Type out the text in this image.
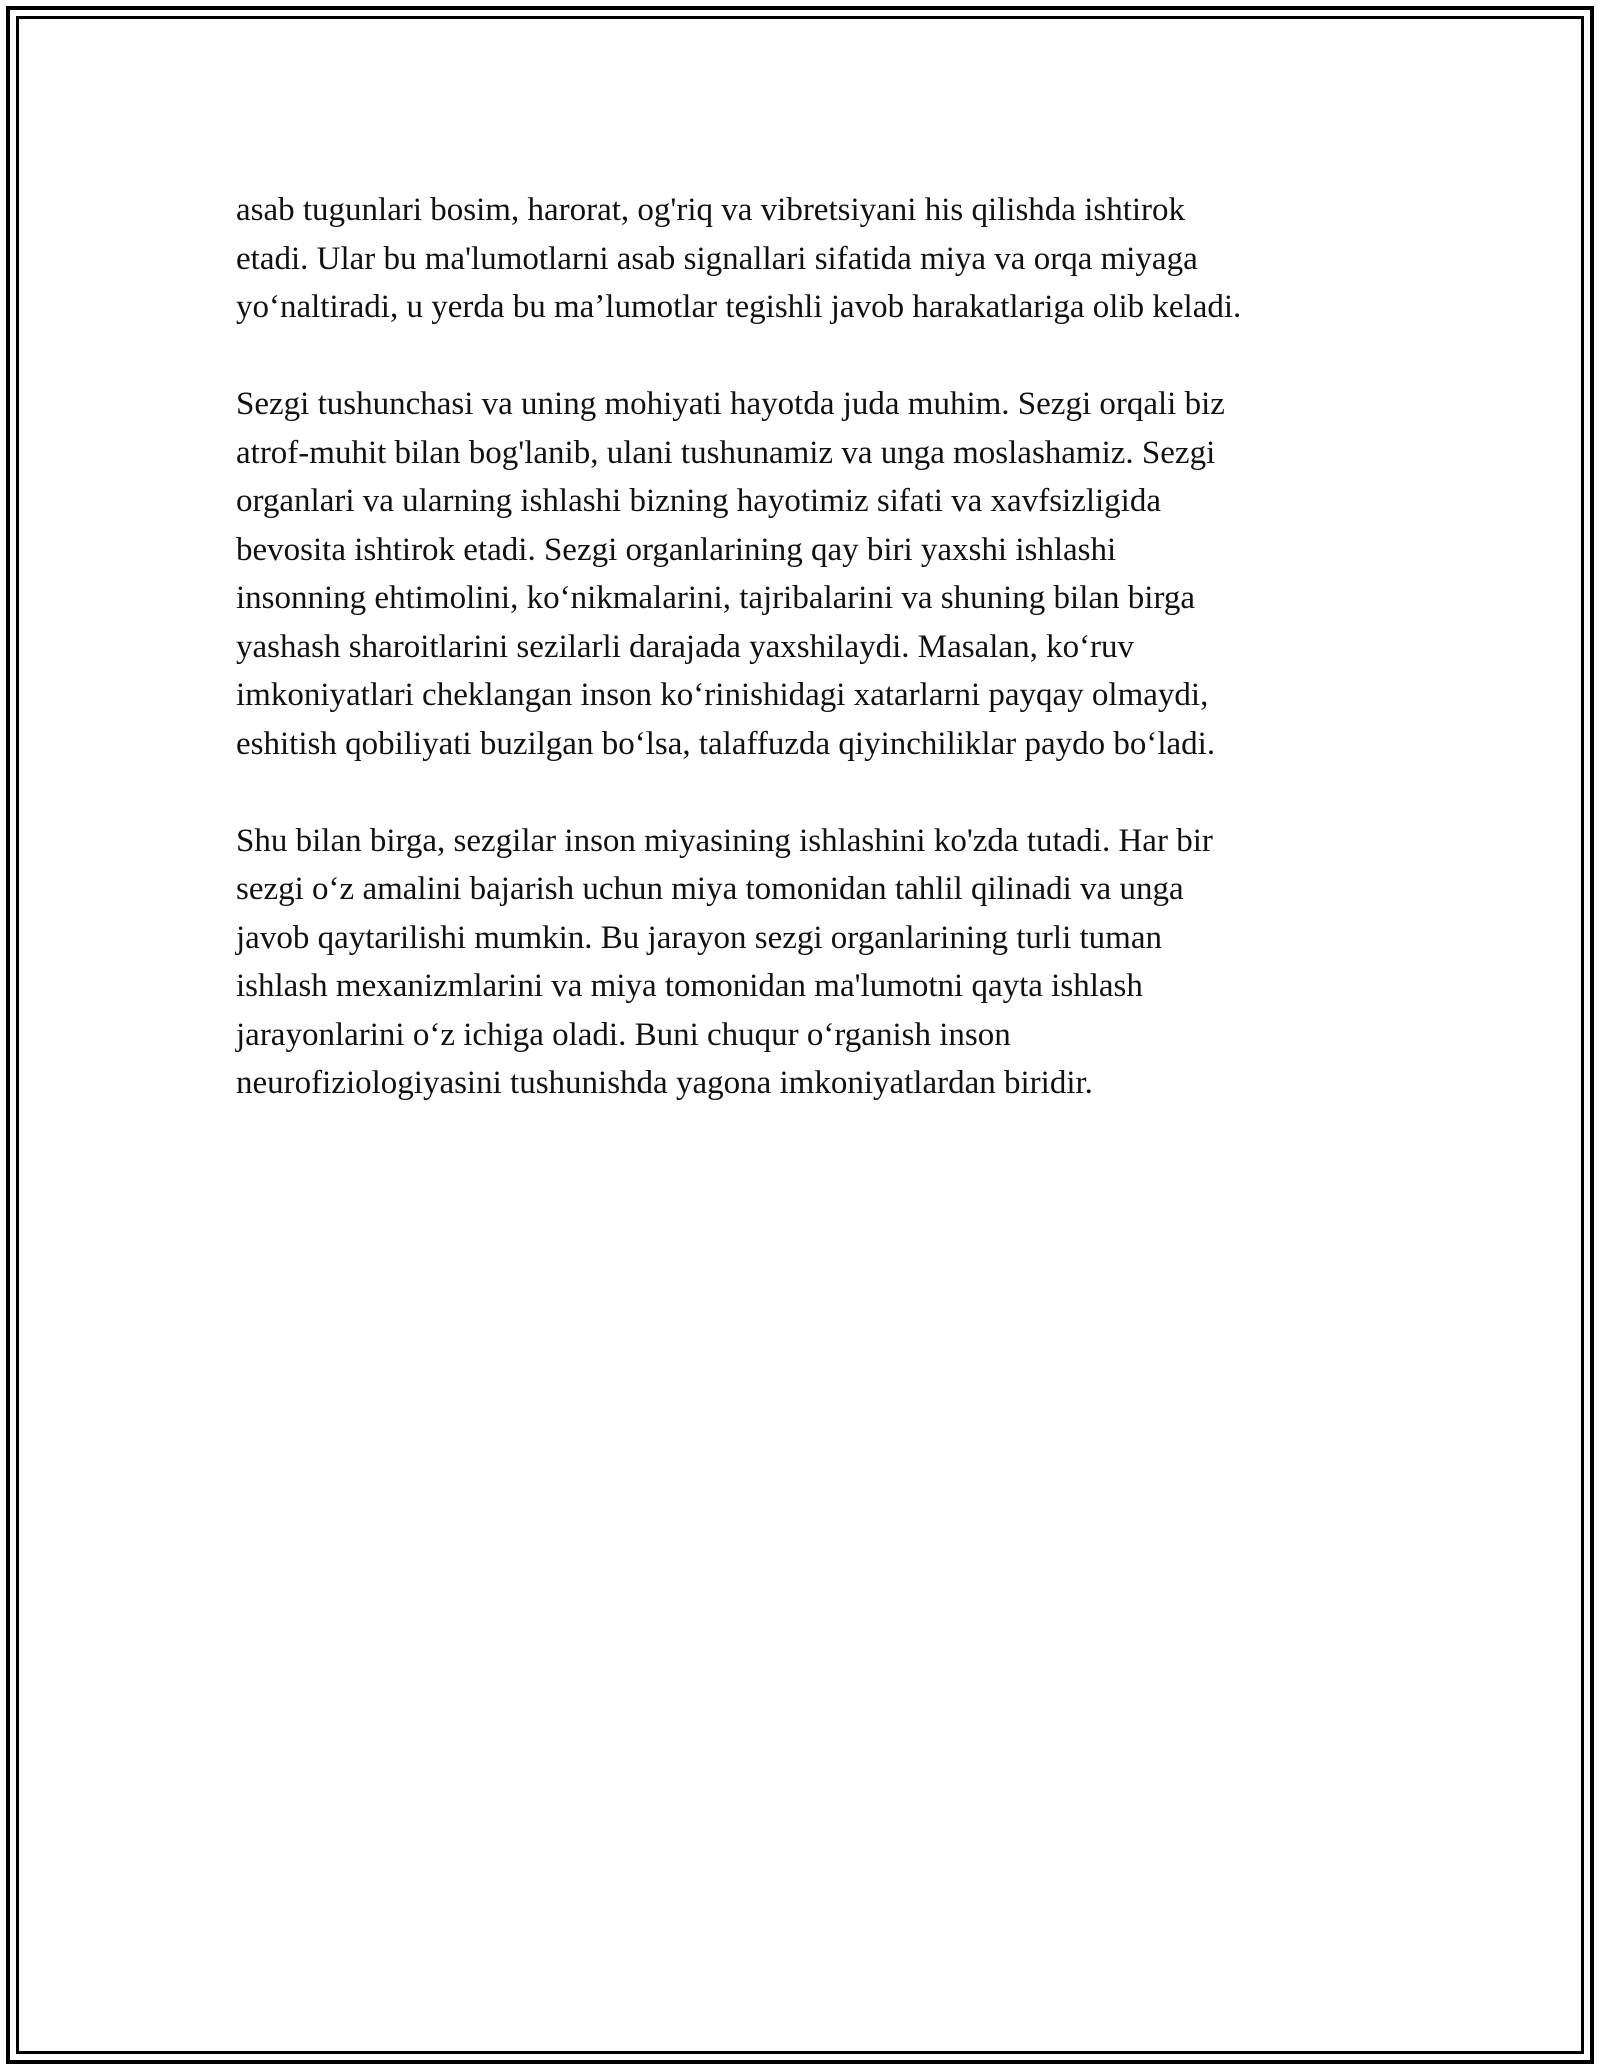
asab tugunlari bosim, harorat, og'riq va vibretsiyani his qilishda ishtirok
etadi. Ular bu ma'lumotlarni asab signallari sifatida miya va orqa miyaga
yoʻnaltiradi, u yerda bu maʼlumotlar tegishli javob harakatlariga olib keladi.

Sezgi tushunchasi va uning mohiyati hayotda juda muhim. Sezgi orqali biz
atrof-muhit bilan bog'lanib, ulani tushunamiz va unga moslashamiz. Sezgi
organlari va ularning ishlashi bizning hayotimiz sifati va xavfsizligida
bevosita ishtirok etadi. Sezgi organlarining qay biri yaxshi ishlashi
insonning ehtimolini, koʻnikmalarini, tajribalarini va shuning bilan birga
yashash sharoitlarini sezilarli darajada yaxshilaydi. Masalan, koʻruv
imkoniyatlari cheklangan inson koʻrinishidagi xatarlarni payqay olmaydi,
eshitish qobiliyati buzilgan boʻlsa, talaffuzda qiyinchiliklar paydo boʻladi.

Shu bilan birga, sezgilar inson miyasining ishlashini ko'zda tutadi. Har bir
sezgi oʻz amalini bajarish uchun miya tomonidan tahlil qilinadi va unga
javob qaytarilishi mumkin. Bu jarayon sezgi organlarining turli tuman
ishlash mexanizmlarini va miya tomonidan ma'lumotni qayta ishlash
jarayonlarini oʻz ichiga oladi. Buni chuqur oʻrganish inson
neurofiziologiyasini tushunishda yagona imkoniyatlardan biridir.
